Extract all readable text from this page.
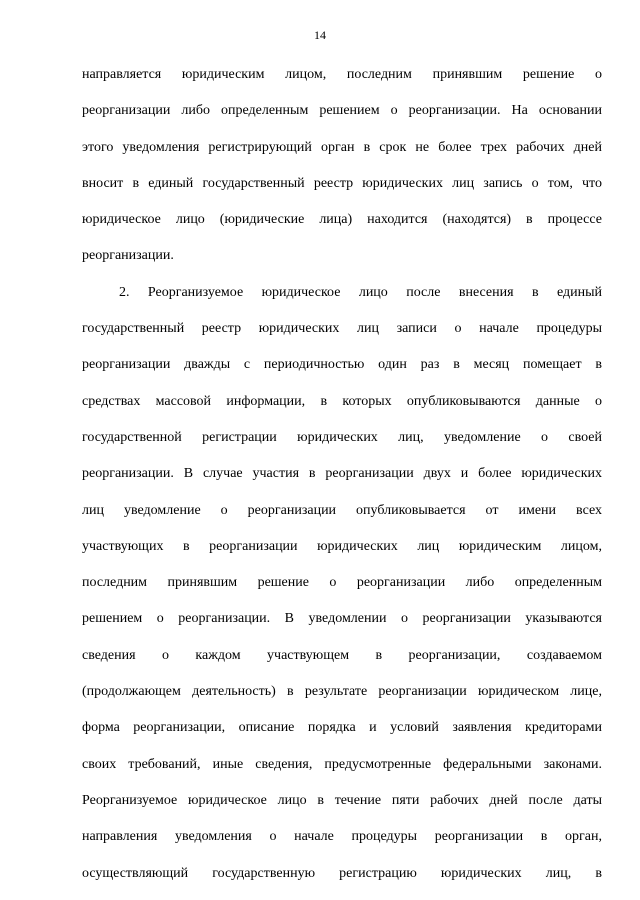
14
направляется юридическим лицом, последним принявшим решение о
реорганизации либо определенным решением о реорганизации. На основании
этого уведомления регистрирующий орган в срок не более трех рабочих дней
вносит в единый государственный реестр юридических лиц запись о том, что
юридическое лицо (юридические лица) находится (находятся) в процессе
реорганизации.
2. Реорганизуемое юридическое лицо после внесения в единый
государственный реестр юридических лиц записи о начале процедуры
реорганизации дважды с периодичностью один раз в месяц помещает в
средствах массовой информации, в которых опубликовываются данные о
государственной регистрации юридических лиц, уведомление о своей
реорганизации. В случае участия в реорганизации двух и более юридических
лиц уведомление о реорганизации опубликовывается от имени всех
участвующих в реорганизации юридических лиц юридическим лицом,
последним принявшим решение о реорганизации либо определенным
решением о реорганизации. В уведомлении о реорганизации указываются
сведения о каждом участвующем в реорганизации, создаваемом
(продолжающем деятельность) в результате реорганизации юридическом лице,
форма реорганизации, описание порядка и условий заявления кредиторами
своих требований, иные сведения, предусмотренные федеральными законами.
Реорганизуемое юридическое лицо в течение пяти рабочих дней после даты
направления уведомления о начале процедуры реорганизации в орган,
осуществляющий государственную регистрацию юридических лиц, в
